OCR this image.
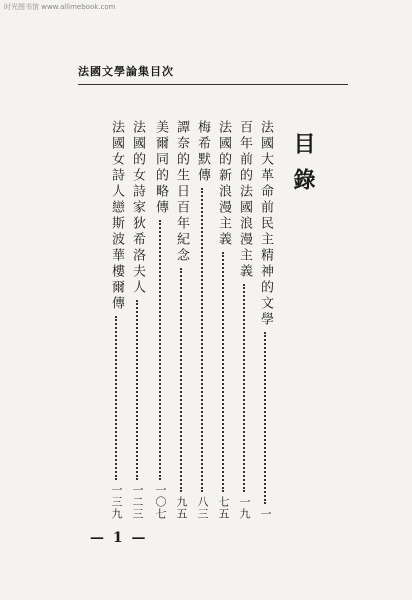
时光图书馆 www.allimebook.com
法國文學論集目次
目錄
法國大革命前民主精神的文學
一
百年前的法國浪漫主義
一九
法國的新浪漫主義
七五
梅希默傳
八三
譚奈的生日百年紀念
九五
美爾同的略傳
一〇七
法國的女詩家狄希洛夫人
一二三
法國女詩人戀斯波華樓爾傳
一三九
— 1 —
